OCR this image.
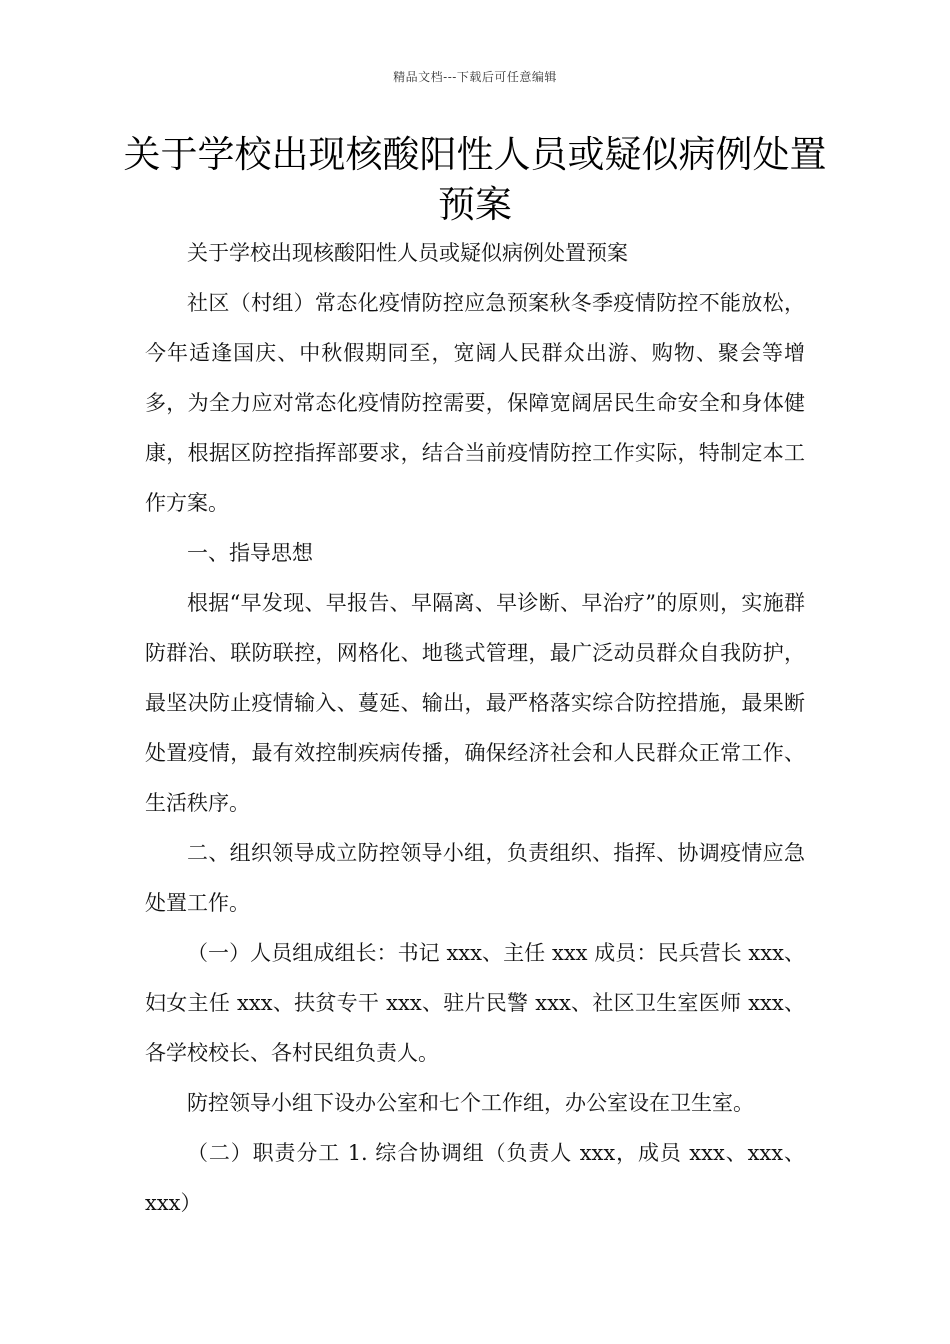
精品文档---下载后可任意编辑
关于学校出现核酸阳性人员或疑似病例处置预案

关于学校出现核酸阳性人员或疑似病例处置预案

社区（村组）常态化疫情防控应急预案秋冬季疫情防控不能放松，今年适逢国庆、中秋假期同至，宽阔人民群众出游、购物、聚会等增多，为全力应对常态化疫情防控需要，保障宽阔居民生命安全和身体健康，根据区防控指挥部要求，结合当前疫情防控工作实际，特制定本工作方案。

一、指导思想

根据“早发现、早报告、早隔离、早诊断、早治疗”的原则，实施群防群治、联防联控，网格化、地毯式管理，最广泛动员群众自我防护，最坚决防止疫情输入、蔓延、输出，最严格落实综合防控措施，最果断处置疫情，最有效控制疾病传播，确保经济社会和人民群众正常工作、生活秩序。

二、组织领导成立防控领导小组，负责组织、指挥、协调疫情应急处置工作。

（一）人员组成组长：书记 xxx、主任 xxx 成员：民兵营长 xxx、妇女主任 xxx、扶贫专干 xxx、驻片民警 xxx、社区卫生室医师 xxx、各学校校长、各村民组负责人。

防控领导小组下设办公室和七个工作组，办公室设在卫生室。

（二）职责分工 1. 综合协调组（负责人 xxx，成员 xxx、xxx、xxx）
